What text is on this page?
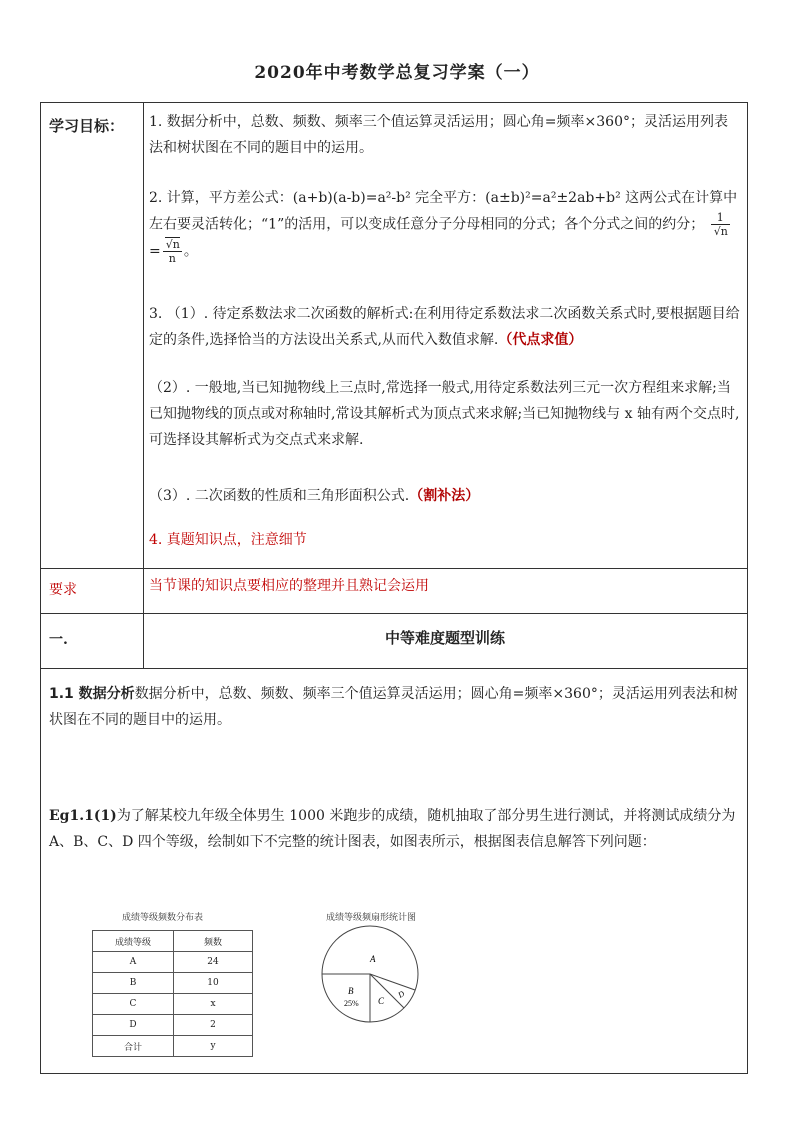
2020年中考数学总复习学案（一）
学习目标： 1. 数据分析中，总数、频数、频率三个值运算灵活运用；圆心角=频率×360°；灵活运用列表法和树状图在不同的题目中的运用。
2. 计算，平方差公式：(a+b)(a-b)=a²-b² 完全平方：(a±b)²=a²±2ab+b² 这两公式在计算中左右要灵活转化；“1”的活用，可以变成任意分子分母相同的分式；各个分式之间的约分； $\frac{1}{√n}$
= $\frac{√n}{n}$ 。
3. （1）. 待定系数法求二次函数的解析式:在利用待定系数法求二次函数关系式时,要根据题目给定的条件,选择恰当的方法设出关系式,从而代入数值求解.（代点求值）
（2）. 一般地,当已知抛物线上三点时,常选择一般式,用待定系数法列三元一次方程组来求解;当已知抛物线的顶点或对称轴时,常设其解析式为顶点式来求解;当已知抛物线与 x 轴有两个交点时,可选择设其解析式为交点式来求解.
（3）. 二次函数的性质和三角形面积公式.（割补法）
4. 真题知识点，注意细节
要求	当节课的知识点要相应的整理并且熟记会运用
一.	中等难度题型训练
1.1 数据分析数据分析中，总数、频数、频率三个值运算灵活运用；圆心角=频率×360°；灵活运用列表法和树状图在不同的题目中的运用。
Eg1.1(1)为了解某校九年级全体男生 1000 米跑步的成绩，随机抽取了部分男生进行测试，并将测试成绩分为 A、B、C、D 四个等级，绘制如下不完整的统计图表，如图表所示，根据图表信息解答下列问题：
成绩等级频数分布表
成绩等级	频数
A	24
B	10
C	x
D	2
合计	y
成绩等级频扇形统计图
A
B
25% C
D
